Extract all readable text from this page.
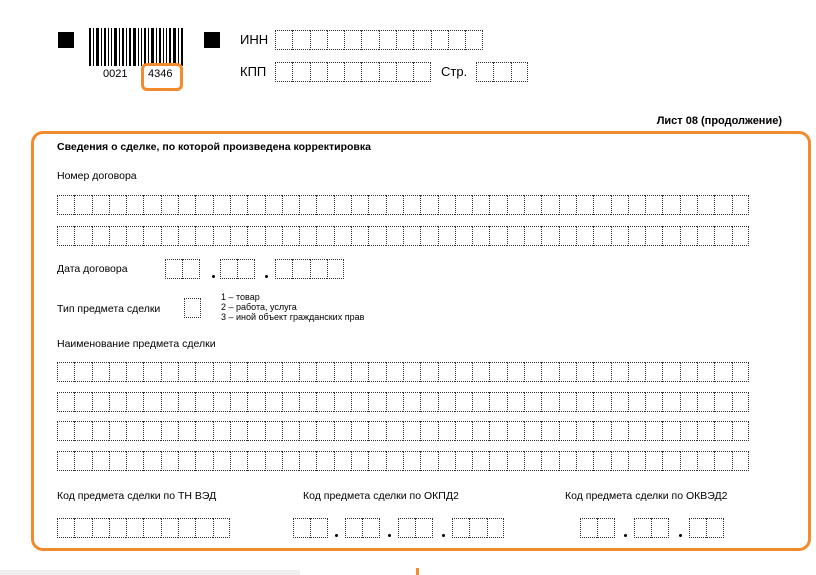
0021 4346
ИНН
КПП	Стр.
Лист 08 (продолжение)
Сведения о сделке, по которой произведена корректировка
Номер договора
Дата договора
Тип предмета сделки
1 – товар
2 – работа, услуга
3 – иной объект гражданских прав
Наименование предмета сделки
Код предмета сделки по ТН ВЭД	Код предмета сделки по ОКПД2	Код предмета сделки по ОКВЭД2
